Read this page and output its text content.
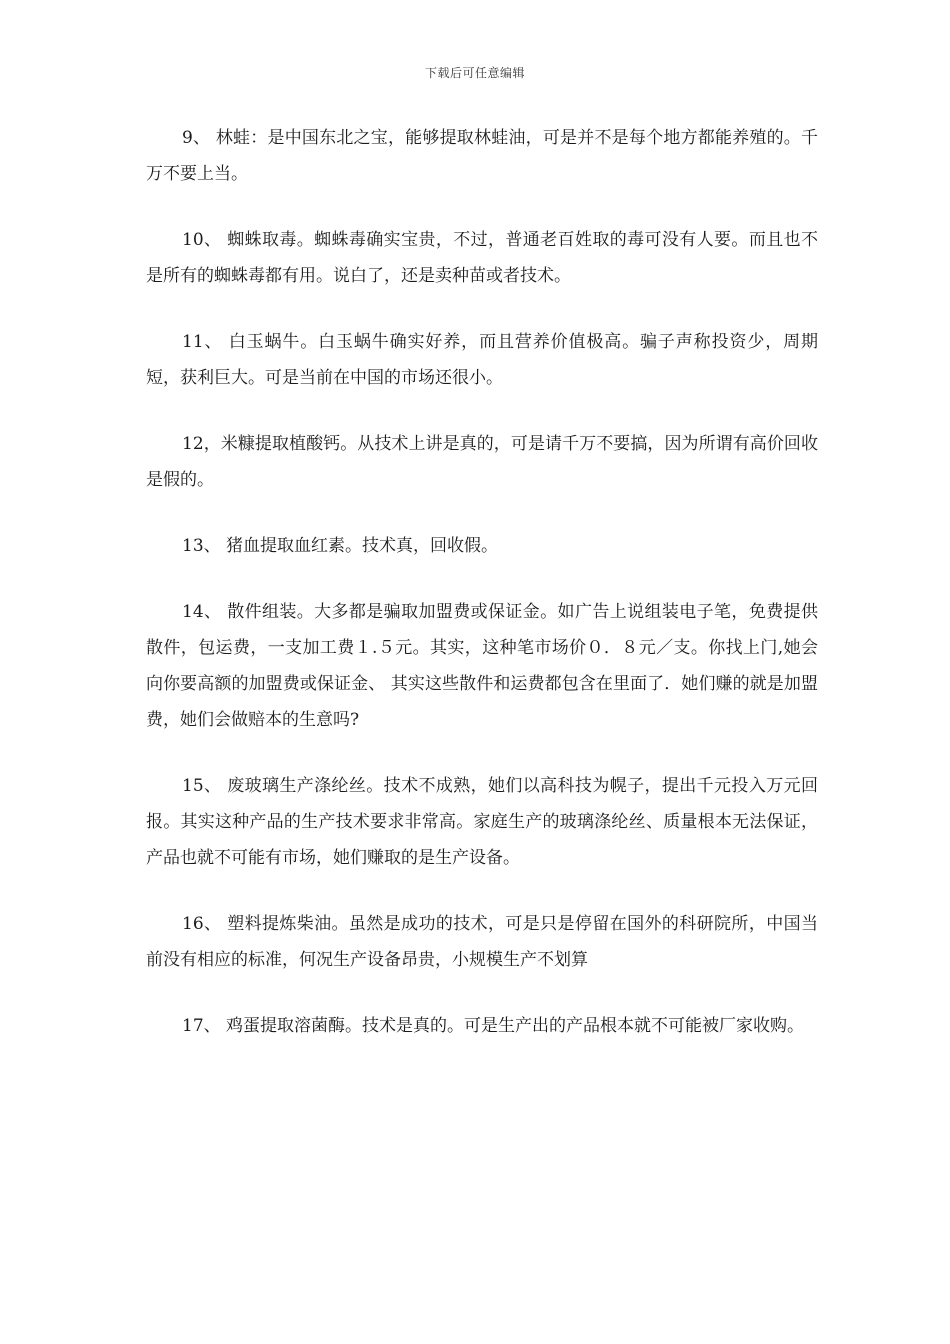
下载后可任意编辑

9、 林蛙：是中国东北之宝，能够提取林蛙油，可是并不是每个地方都能养殖的。千万不要上当。

10、 蜘蛛取毒。蜘蛛毒确实宝贵，不过，普通老百姓取的毒可没有人要。而且也不是所有的蜘蛛毒都有用。说白了，还是卖种苗或者技术。

11、 白玉蜗牛。白玉蜗牛确实好养，而且营养价值极高。骗子声称投资少，周期短，获利巨大。可是当前在中国的市场还很小。

12，米糠提取植酸钙。从技术上讲是真的，可是请千万不要搞，因为所谓有高价回收是假的。

13、 猪血提取血红素。技术真，回收假。

14、 散件组装。大多都是骗取加盟费或保证金。如广告上说组装电子笔，免费提供散件，包运费，一支加工费１.５元。其实，这种笔市场价０．８元／支。你找上门,她会向你要高额的加盟费或保证金、 其实这些散件和运费都包含在里面了．她们赚的就是加盟费，她们会做赔本的生意吗?

15、 废玻璃生产涤纶丝。技术不成熟，她们以高科技为幌子，提出千元投入万元回报。其实这种产品的生产技术要求非常高。家庭生产的玻璃涤纶丝、质量根本无法保证，产品也就不可能有市场，她们赚取的是生产设备。

16、 塑料提炼柴油。虽然是成功的技术，可是只是停留在国外的科研院所，中国当前没有相应的标准，何况生产设备昂贵，小规模生产不划算

17、 鸡蛋提取溶菌酶。技术是真的。可是生产出的产品根本就不可能被厂家收购。
